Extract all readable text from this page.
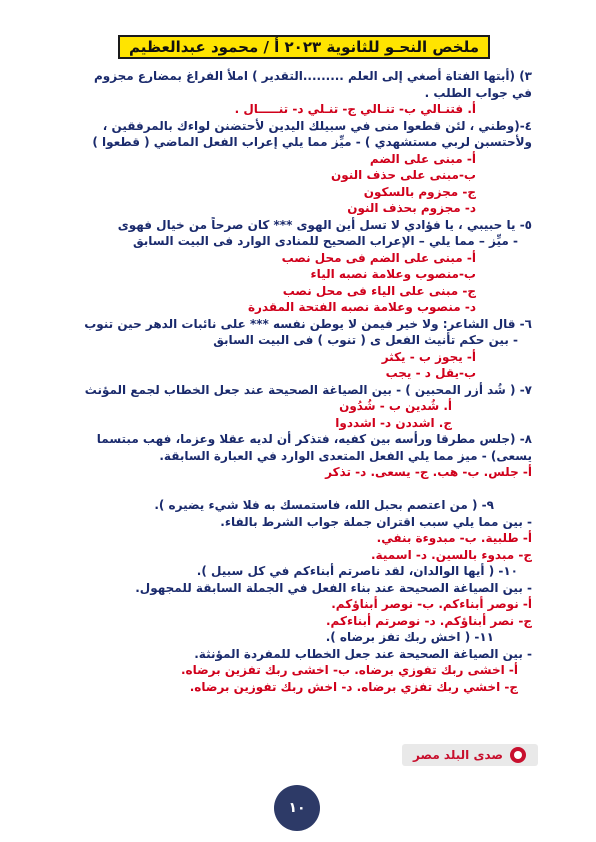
ملخص النحـو للثانوية ٢٠٢٣ أ / محمود عبدالعظيم
٣) (أبتها الفتاة أصغي إلى العلم .........التقدير ) املأ الفراغ بمضارع مجزوم
في جواب الطلب .
أ. فتنـالي ب- تنـالي ج- تنـلي د- تنـــــال .
٤-(وطني ، لئن قطعوا منى في سبيلك اليدين لأحتضنن لواءك بالمرفقين ،
ولأحتسبن لربي مستشهدي ) - ميِّز مما يلي إعراب الفعل الماضي ( قطعوا )
أ- مبنى على الضم
ب-مبنى على حذف النون
ج- مجزوم بالسكون
د- مجزوم بحذف النون
٥- يا حبيبي ، يا فؤادي لا تسل أين الهوى *** كان صرحاً من خيال فهوى
- ميِّز – مما يلي – الإعراب الصحيح للمنادى الوارد فى البيت السابق
أ- مبنى على الضم فى محل نصب
ب-منصوب وعلامة نصبه الياء
ج- مبنى على الياء فى محل نصب
د- منصوب وعلامة نصبه الفتحة المقدرة
٦- قال الشاعر: ولا خير فيمن لا يوطن نفسه *** على نائبات الدهر حين تنوب
- بين حكم تأنيث الفعل ى ( تنوب ) فى البيت السابق
أ- يجوز ب - يكثر
ب-يقل د - يجب
٧- ( شُد أزر المحبين ) - بين الصياغة الصحيحة عند جعل الخطاب لجمع المؤنث
أ. شُدين ب - شُدُون
ج. اشددن د- اشددوا
٨- (جلس مطرقا ورأسه بين كفيه، فتذكر أن لديه عقلا وعزما، فهب مبتسما
يسعى) - ميز مما يلي الفعل المتعدى الوارد في العبارة السابقة.
أ- جلس. ب- هب. ج- يسعى. د- تذكر
٩- ( من اعتصم بحبل الله، فاستمسك به فلا شيء يضيره ).
- بين مما يلي سبب اقتران جملة جواب الشرط بالفاء.
أ- طلبية. ب- مبدوءة بنفي.
ج- مبدوء بالسين. د- اسمية.
١٠- ( أيها الوالدان، لقد ناصرتم أبناءكم في كل سبيل ).
- بين الصياغة الصحيحة عند بناء الفعل في الجملة السابقة للمجهول.
أ- نوصر أبناءكم. ب- نوصر أبناؤكم.
ج- نصر أبناؤكم. د- نوصرتم أبناءكم.
١١- ( اخش ربك تفز برضاه ).
- بين الصياغة الصحيحة عند جعل الخطاب للمفردة المؤنثة.
أ- اخشى ربك تفوزي برضاه. ب- اخشى ربك تفزين برضاه.
ج- اخشي ربك تفزي برضاه. د- اخش ربك تفوزين برضاه.
صدى البلد مصر
١٠
